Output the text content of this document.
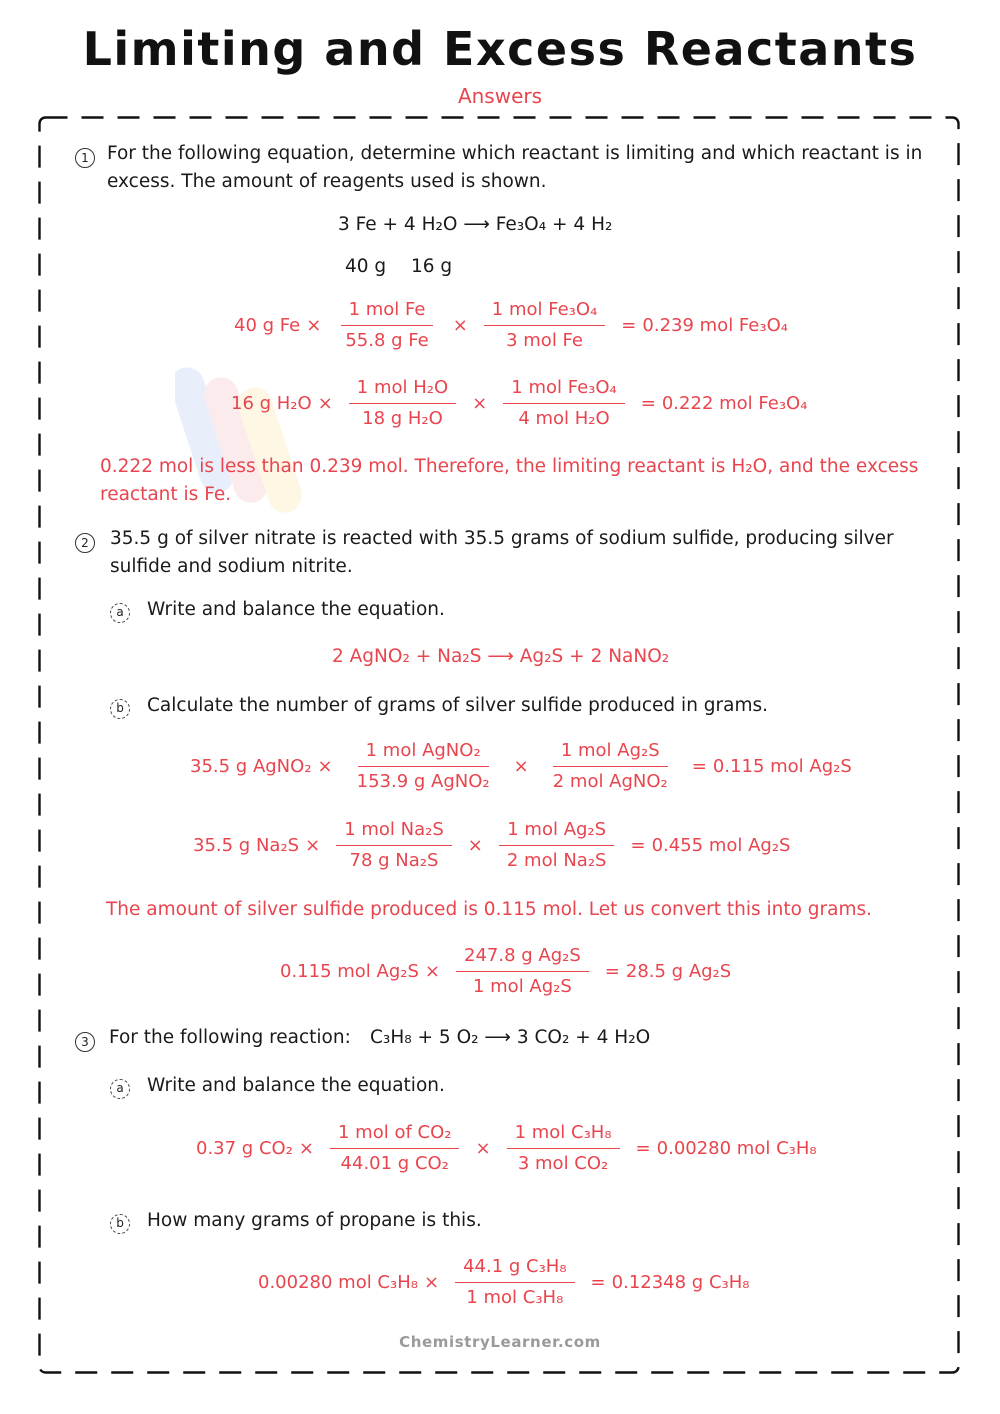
Limiting and Excess Reactants
Answers
1 For the following equation, determine which reactant is limiting and which reactant is in
excess. The amount of reagents used is shown.
3 Fe + 4 H₂O ⟶ Fe₃O₄ + 4 H₂
40 g 16 g
40 g $Fe \times \frac{\text{1 mol Fe}}{\text{55.8 g Fe}} \times \frac{\text{1 mol Fe₃O₄}}{\text{3 mol Fe}} = 0.239$ mol Fe₃O₄
16 g $H_2O \times \frac{\text{1 mol H₂O}}{\text{18 g H₂O}} \times \frac{\text{1 mol Fe₃O₄}}{\text{4 mol H₂O}} = 0.222$ mol Fe₃O₄
0.222 mol is less than 0.239 mol. Therefore, the limiting reactant is H₂O, and the excess
reactant is Fe.
2	35.5 g of silver nitrate is reacted with 35.5 grams of sodium sulfide, producing silver
sulfide and sodium nitrite.
a	Write and balance the equation.
2 AgNO₂ + Na₂S ⟶ Ag₂S + 2 NaNO₂
b	Calculate the number of grams of silver sulfide produced in grams.
35.5 g AgNO₂ × $\frac{\text{1 mol AgNO₂}}{\text{153.9 g AgNO₂}} \times \frac{\text{1 mol Ag₂S}}{\text{2 mol AgNO₂}} = 0.115$ mol Ag₂S
35.5 g $Na_2S \times \frac{\text{1 mol Na₂S}}{\text{78 g Na₂S}} \times \frac{\text{1 mol Ag₂S}}{\text{2 mol Na₂S}} = 0.455$ mol Ag₂S
The amount of silver sulfide produced is 0.115 mol. Let us convert this into grams.
0.115 mol $Ag_2S \times \frac{\text{247.8 g Ag₂S}}{\text{1 mol Ag₂S}} = 28.5$ g Ag₂S
3	For the following reaction: C₃H₈ + 5 O₂ ⟶ 3 CO₂ + 4 H₂O
a	Write and balance the equation.
0.37 g $CO_2 \times \frac{\text{1 mol of CO₂}}{\text{44.01 g CO₂}} \times \frac{\text{1 mol C₃H₈}}{\text{3 mol CO₂}} = 0.00280$ mol C₃H₈
b	How many grams of propane is this.
0.00280 mol $C_3H_8 \times \frac{\text{44.1 g C₃H₈}}{\text{1 mol C₃H₈}} = 0.12348$ g C₃H₈
ChemistryLearner.com
